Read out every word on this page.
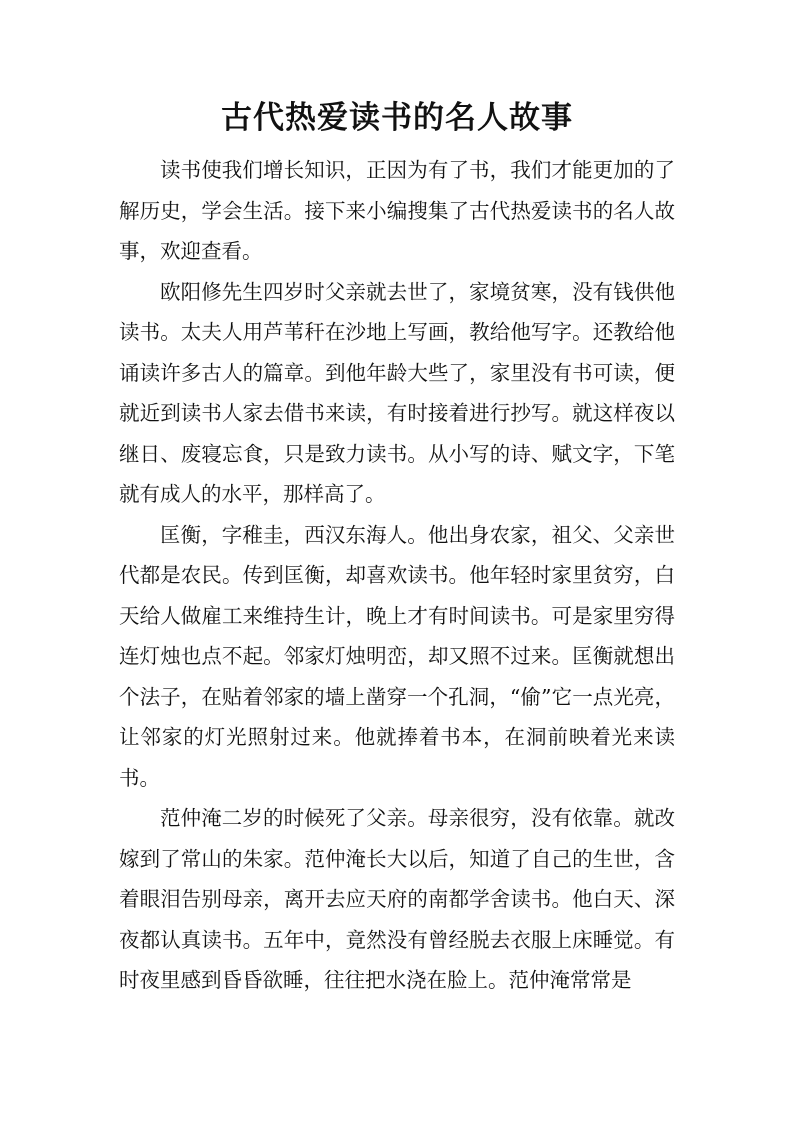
古代热爱读书的名人故事

读书使我们增长知识，正因为有了书，我们才能更加的了解历史，学会生活。接下来小编搜集了古代热爱读书的名人故事，欢迎查看。

欧阳修先生四岁时父亲就去世了，家境贫寒，没有钱供他读书。太夫人用芦苇秆在沙地上写画，教给他写字。还教给他诵读许多古人的篇章。到他年龄大些了，家里没有书可读，便就近到读书人家去借书来读，有时接着进行抄写。就这样夜以继日、废寝忘食，只是致力读书。从小写的诗、赋文字，下笔就有成人的水平，那样高了。

匡衡，字稚圭，西汉东海人。他出身农家，祖父、父亲世代都是农民。传到匡衡，却喜欢读书。他年轻时家里贫穷，白天给人做雇工来维持生计，晚上才有时间读书。可是家里穷得连灯烛也点不起。邻家灯烛明峦，却又照不过来。匡衡就想出个法子，在贴着邻家的墙上凿穿一个孔洞，“偷”它一点光亮，让邻家的灯光照射过来。他就捧着书本，在洞前映着光来读书。

范仲淹二岁的时候死了父亲。母亲很穷，没有依靠。就改嫁到了常山的朱家。范仲淹长大以后，知道了自己的生世，含着眼泪告别母亲，离开去应天府的南都学舍读书。他白天、深夜都认真读书。五年中，竟然没有曾经脱去衣服上床睡觉。有时夜里感到昏昏欲睡，往往把水浇在脸上。范仲淹常常是
